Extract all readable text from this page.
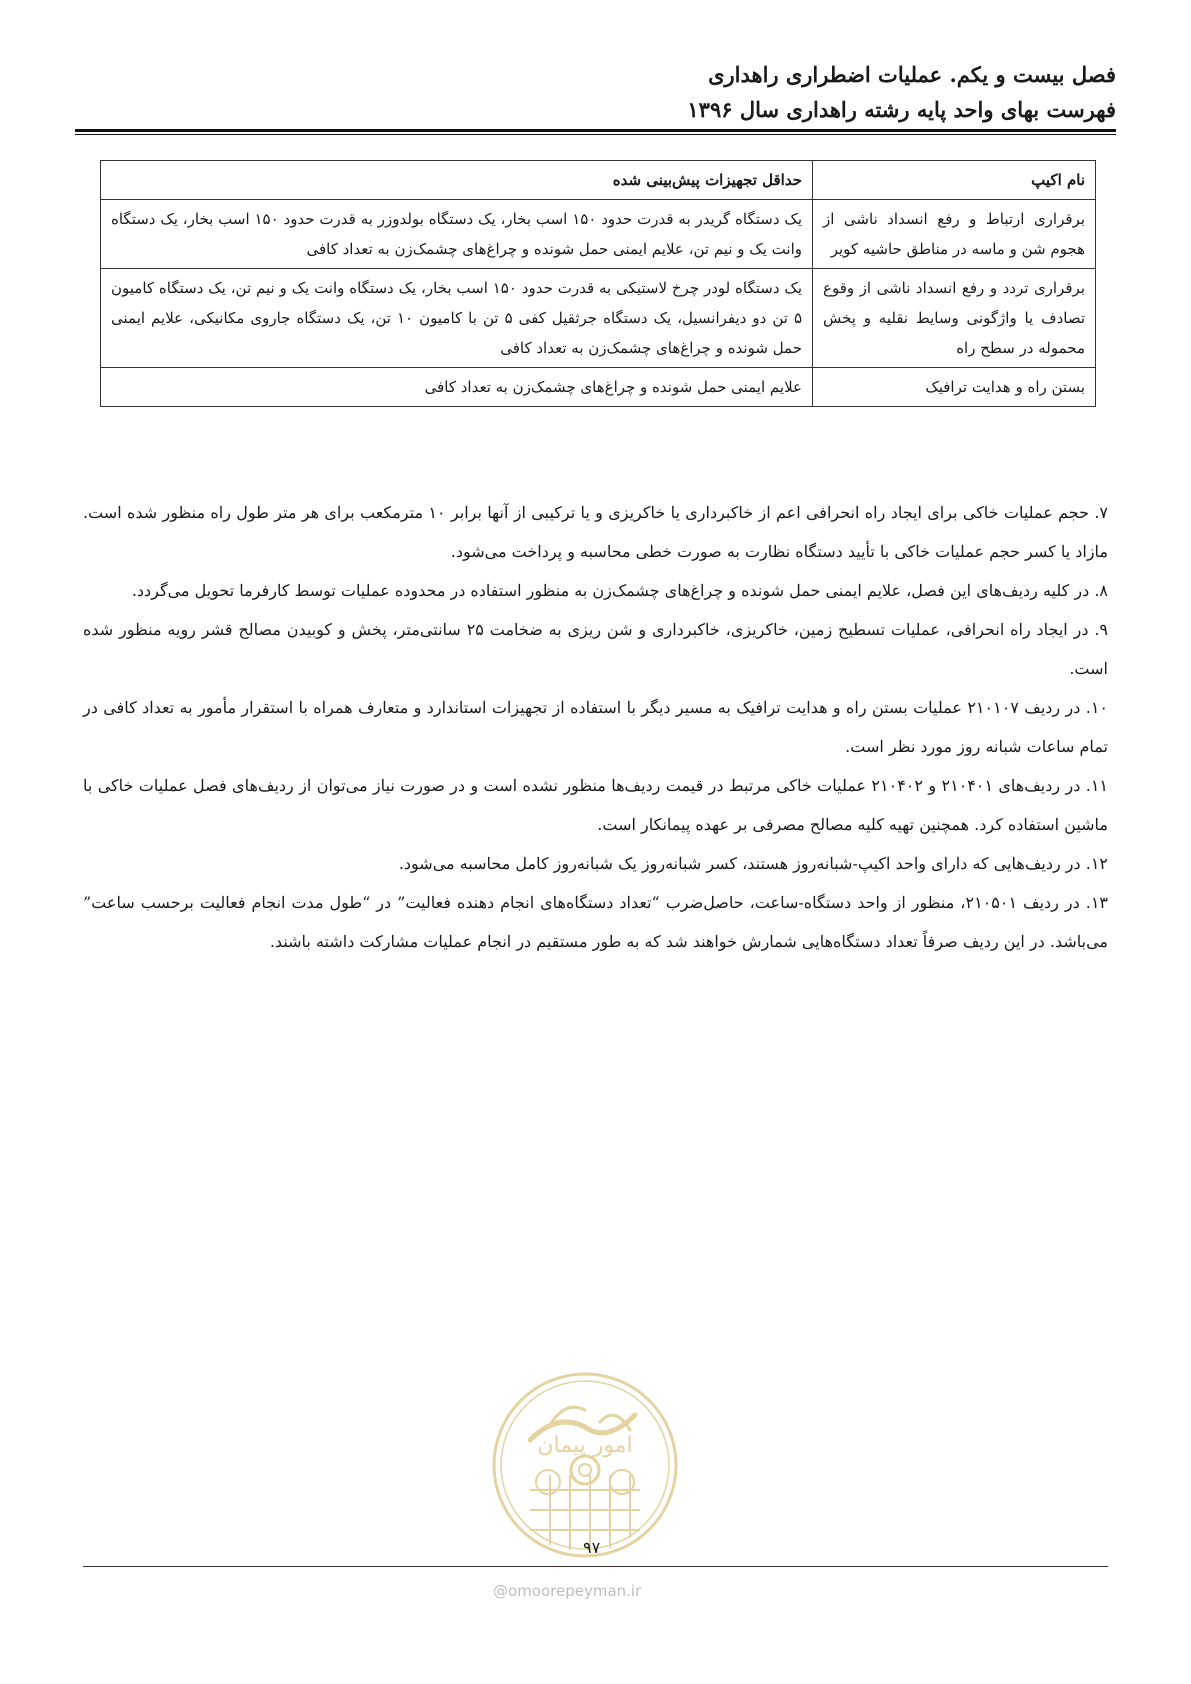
فصل بیست و یکم. عملیات اضطراری راهداری
فهرست بهای واحد پایه رشته راهداری سال ۱۳۹۶
نام اکیپ	حداقل تجهیزات پیش‌بینی شده
برقراری ارتباط و رفع انسداد ناشی از هجوم شن و ماسه در مناطق حاشیه کویر	یک دستگاه گریدر به قدرت حدود ۱۵۰ اسب بخار، یک دستگاه بولدوزر به قدرت حدود ۱۵۰ اسب بخار، یک دستگاه وانت یک و نیم تن، علایم ایمنی حمل شونده و چراغ‌های چشمک‌زن به تعداد کافی
برقراری تردد و رفع انسداد ناشی از وقوع تصادف یا واژگونی وسایط نقلیه و پخش محموله در سطح راه	یک دستگاه لودر چرخ لاستیکی به قدرت حدود ۱۵۰ اسب بخار، یک دستگاه وانت یک و نیم تن، یک دستگاه کامیون ۵ تن دو دیفرانسیل، یک دستگاه جرثقیل کفی ۵ تن با کامیون ۱۰ تن، یک دستگاه جاروی مکانیکی، علایم ایمنی حمل شونده و چراغ‌های چشمک‌زن به تعداد کافی
بستن راه و هدایت ترافیک	علایم ایمنی حمل شونده و چراغ‌های چشمک‌زن به تعداد کافی

۷. حجم عملیات خاکی برای ایجاد راه انحرافی اعم از خاکبرداری یا خاکریزی و یا ترکیبی از آنها برابر ۱۰ مترمکعب برای هر متر طول راه منظور شده است. مازاد یا کسر حجم عملیات خاکی با تأیید دستگاه نظارت به صورت خطی محاسبه و پرداخت می‌شود.

۸. در کلیه ردیف‌های این فصل، علایم ایمنی حمل شونده و چراغ‌های چشمک‌زن به منظور استفاده در محدوده عملیات توسط کارفرما تحویل می‌گردد.

۹. در ایجاد راه انحرافی، عملیات تسطیح زمین، خاکریزی، خاکبرداری و شن ریزی به ضخامت ۲۵ سانتی‌متر، پخش و کوبیدن مصالح قشر رویه منظور شده است.

۱۰. در ردیف ۲۱۰۱۰۷ عملیات بستن راه و هدایت ترافیک به مسیر دیگر با استفاده از تجهیزات استاندارد و متعارف همراه با استقرار مأمور به تعداد کافی در تمام ساعات شبانه روز مورد نظر است.

۱۱. در ردیف‌های ۲۱۰۴۰۱ و ۲۱۰۴۰۲ عملیات خاکی مرتبط در قیمت ردیف‌ها منظور نشده است و در صورت نیاز می‌توان از ردیف‌های فصل عملیات خاکی با ماشین استفاده کرد. همچنین تهیه کلیه مصالح مصرفی بر عهده پیمانکار است.

۱۲. در ردیف‌هایی که دارای واحد اکیپ-شبانه‌روز هستند، کسر شبانه‌روز یک شبانه‌روز کامل محاسبه می‌شود.

۱۳. در ردیف ۲۱۰۵۰۱، منظور از واحد دستگاه-ساعت، حاصل‌ضرب “تعداد دستگاه‌های انجام دهنده فعالیت” در “طول مدت انجام فعالیت برحسب ساعت” می‌باشد. در این ردیف صرفاً تعداد دستگاه‌هایی شمارش خواهند شد که به طور مستقیم در انجام عملیات مشارکت داشته باشند.

امور پیمان
۹۷
@omoorepeyman.ir
